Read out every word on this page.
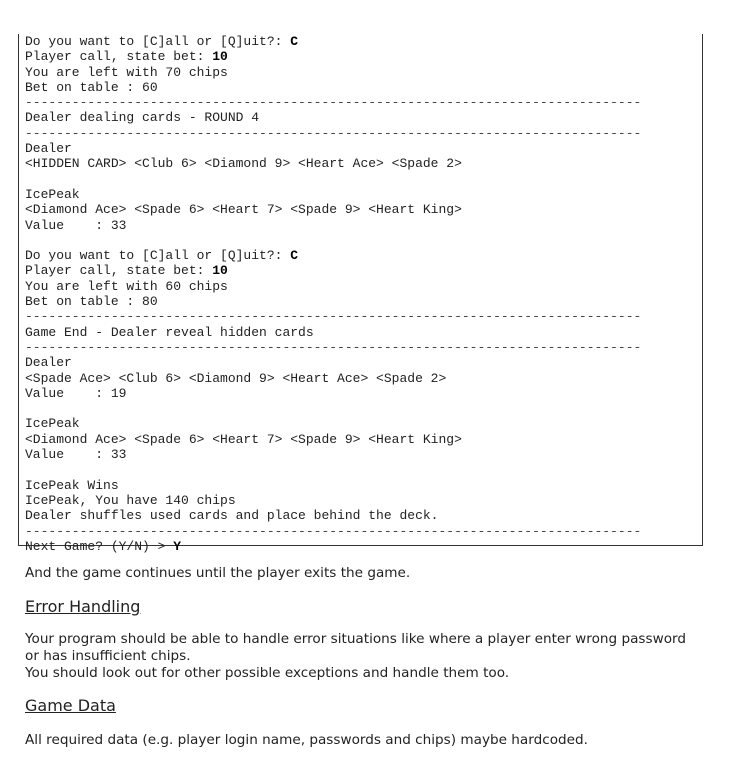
Do you want to [C]all or [Q]uit?: C
Player call, state bet: 10
You are left with 70 chips
Bet on table : 60
-------------------------------------------------------------------------------
Dealer dealing cards - ROUND 4
-------------------------------------------------------------------------------
Dealer
<HIDDEN CARD> <Club 6> <Diamond 9> <Heart Ace> <Spade 2>
IcePeak
<Diamond Ace> <Spade 6> <Heart 7> <Spade 9> <Heart King>
Value    : 33
Do you want to [C]all or [Q]uit?: C
Player call, state bet: 10
You are left with 60 chips
Bet on table : 80
-------------------------------------------------------------------------------
Game End - Dealer reveal hidden cards
-------------------------------------------------------------------------------
Dealer
<Spade Ace> <Club 6> <Diamond 9> <Heart Ace> <Spade 2>
Value    : 19
IcePeak
<Diamond Ace> <Spade 6> <Heart 7> <Spade 9> <Heart King>
Value    : 33
IcePeak Wins
IcePeak, You have 140 chips
Dealer shuffles used cards and place behind the deck.
-------------------------------------------------------------------------------
Next Game? (Y/N) > Y
And the game continues until the player exits the game.
Error Handling
Your program should be able to handle error situations like where a player enter wrong password
or has insufficient chips.
You should look out for other possible exceptions and handle them too.
Game Data
All required data (e.g. player login name, passwords and chips) maybe hardcoded.
